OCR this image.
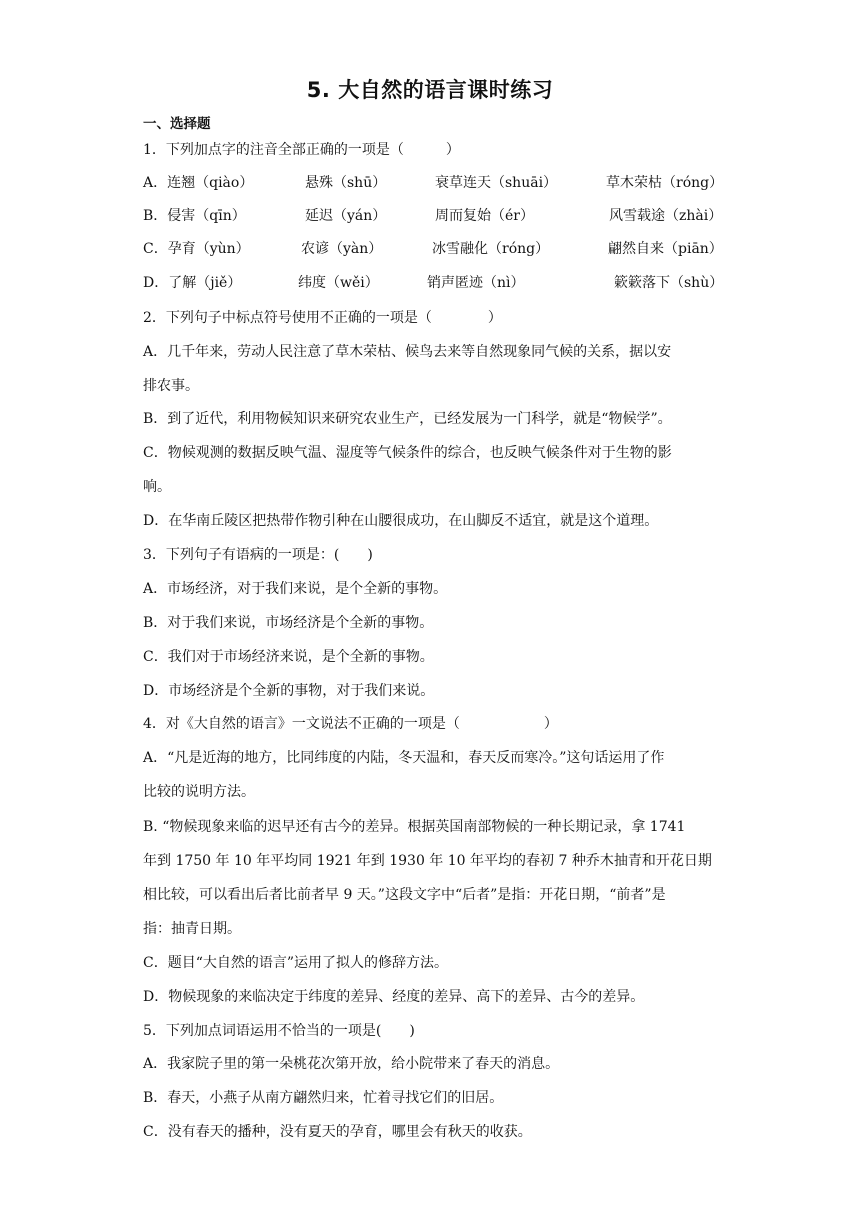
5. 大自然的语言课时练习
一、选择题
1．下列加点字的注音全部正确的一项是（　　　）
A．连翘（qiào）	悬殊（shū）	衰草连天（shuāi）	草木荣枯（róng）
B．侵害（qīn）	延迟（yán）	周而复始（ér）	风雪载途（zhài）
C．孕育（yùn）	农谚（yàn）	冰雪融化（róng）	翩然自来（piān）
D．了解（jiě）	纬度（wěi）	销声匿迹（nì）	簌簌落下（shù）
2．下列句子中标点符号使用不正确的一项是（　　　　）
A．几千年来，劳动人民注意了草木荣枯、候鸟去来等自然现象同气候的关系，据以安
排农事。
B．到了近代，利用物候知识来研究农业生产，已经发展为一门科学，就是“物候学”。
C．物候观测的数据反映气温、湿度等气候条件的综合，也反映气候条件对于生物的影
响。
D．在华南丘陵区把热带作物引种在山腰很成功，在山脚反不适宜，就是这个道理。
3．下列句子有语病的一项是：(　　)
A．市场经济，对于我们来说，是个全新的事物。
B．对于我们来说，市场经济是个全新的事物。
C．我们对于市场经济来说，是个全新的事物。
D．市场经济是个全新的事物，对于我们来说。
4．对《大自然的语言》一文说法不正确的一项是（　　　　　　）
A．“凡是近海的地方，比同纬度的内陆，冬天温和，春天反而寒冷。”这句话运用了作
比较的说明方法。
B. “物候现象来临的迟早还有古今的差异。根据英国南部物候的一种长期记录，拿 1741
年到 1750 年 10 年平均同 1921 年到 1930 年 10 年平均的春初 7 种乔木抽青和开花日期
相比较，可以看出后者比前者早 9 天。”这段文字中“后者”是指：开花日期，“前者”是
指：抽青日期。
C．题目“大自然的语言”运用了拟人的修辞方法。
D．物候现象的来临决定于纬度的差异、经度的差异、高下的差异、古今的差异。
5．下列加点词语运用不恰当的一项是(　　)
A．我家院子里的第一朵桃花次第开放，给小院带来了春天的消息。
B．春天，小燕子从南方翩然归来，忙着寻找它们的旧居。
C．没有春天的播种，没有夏天的孕育，哪里会有秋天的收获。
